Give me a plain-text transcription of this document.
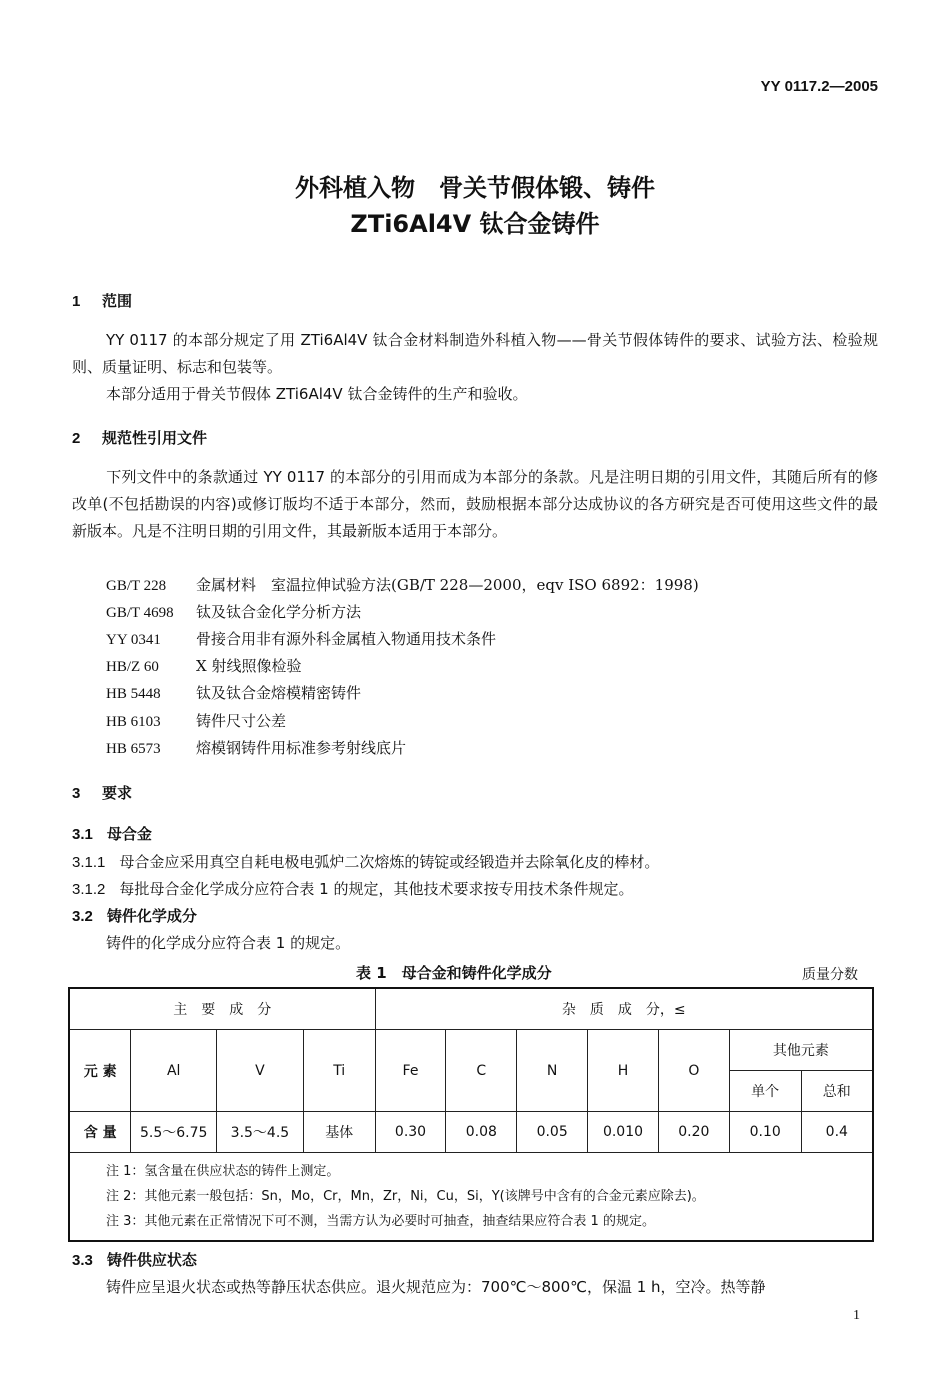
YY 0117.2—2005
外科植入物　骨关节假体锻、铸件
ZTi6Al4V 钛合金铸件
1 范围
YY 0117 的本部分规定了用 ZTi6Al4V 钛合金材料制造外科植入物——骨关节假体铸件的要求、试验方法、检验规则、质量证明、标志和包装等。
本部分适用于骨关节假体 ZTi6Al4V 钛合金铸件的生产和验收。
2 规范性引用文件
下列文件中的条款通过 YY 0117 的本部分的引用而成为本部分的条款。凡是注明日期的引用文件，其随后所有的修改单(不包括勘误的内容)或修订版均不适于本部分，然而，鼓励根据本部分达成协议的各方研究是否可使用这些文件的最新版本。凡是不注明日期的引用文件，其最新版本适用于本部分。
GB/T 228 金属材料　室温拉伸试验方法(GB/T 228—2000，eqv ISO 6892：1998)
GB/T 4698 钛及钛合金化学分析方法
YY 0341 骨接合用非有源外科金属植入物通用技术条件
HB/Z 60 X 射线照像检验
HB 5448 钛及钛合金熔模精密铸件
HB 6103 铸件尺寸公差
HB 6573 熔模钢铸件用标准参考射线底片
3 要求
3.1 母合金
3.1.1 母合金应采用真空自耗电极电弧炉二次熔炼的铸锭或经锻造并去除氧化皮的棒材。
3.1.2 每批母合金化学成分应符合表 1 的规定，其他技术要求按专用技术条件规定。
3.2 铸件化学成分
铸件的化学成分应符合表 1 的规定。
表 1　母合金和铸件化学成分	质量分数
主　要　成　分				杂　质　成　分，≤						
元 素	Al	V	Ti	Fe	C	N	H	O	其他元素	
									单个	总和
含 量	5.5～6.75	3.5～4.5	基体	0.30	0.08	0.05	0.010	0.20	0.10	0.4

注 1：氢含量在供应状态的铸件上测定。
注 2：其他元素一般包括：Sn，Mo，Cr，Mn，Zr，Ni，Cu，Si，Y(该牌号中含有的合金元素应除去)。
注 3：其他元素在正常情况下可不测，当需方认为必要时可抽查，抽查结果应符合表 1 的规定。										
3.3 铸件供应状态
铸件应呈退火状态或热等静压状态供应。退火规范应为：700℃～800℃，保温 1 h，空冷。热等静
1
